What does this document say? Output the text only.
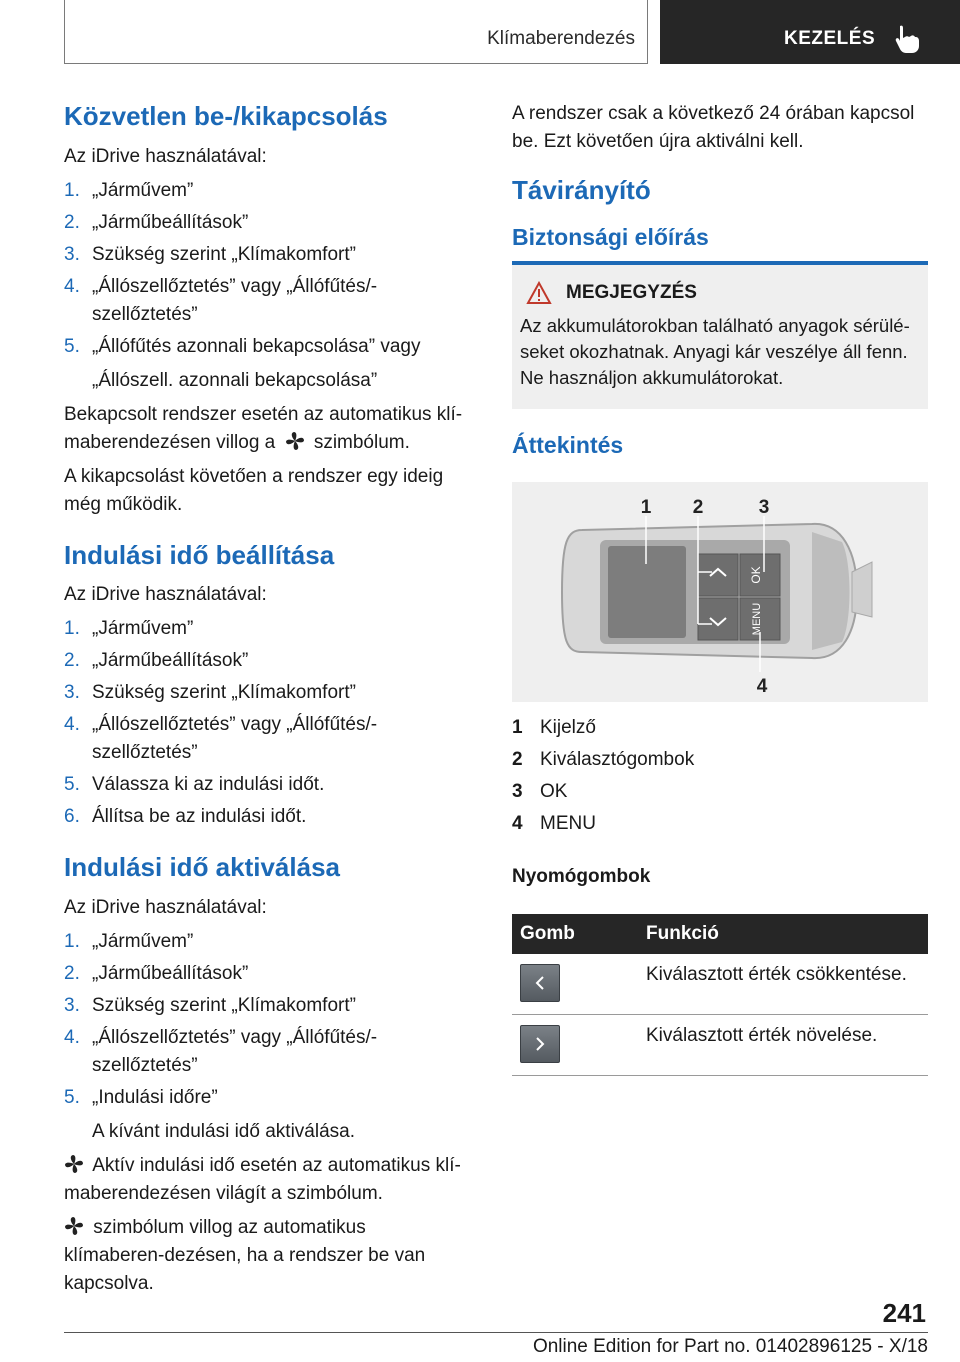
Klímaberendezés	KEZELÉS
Közvetlen be-/kikapcsolás

Az iDrive használatával:

1. „Járművem”
2. „Járműbeállítások”
3. Szükség szerint „Klímakomfort”
4. „Állószellőztetés” vagy „Állófűtés/-szellőztetés”
5. „Állófűtés azonnali bekapcsolása” vagy

„Állószell. azonnali bekapcsolása”

Bekapcsolt rendszer esetén az automatikus klí-maberendezésen villog a szimbólum.

A kikapcsolást követően a rendszer egy ideig még működik.

Indulási idő beállítása

Az iDrive használatával:

1. „Járművem”
2. „Járműbeállítások”
3. Szükség szerint „Klímakomfort”
4. „Állószellőztetés” vagy „Állófűtés/-szellőztetés”
5. Válassza ki az indulási időt.
6. Állítsa be az indulási időt.
Indulási idő aktiválása

Az iDrive használatával:

1. „Járművem”
2. „Járműbeállítások”
3. Szükség szerint „Klímakomfort”
4. „Állószellőztetés” vagy „Állófűtés/-szellőztetés”
5. „Indulási időre”

A kívánt indulási idő aktiválása.

Aktív indulási idő esetén az automatikus klí-maberendezésen világít a szimbólum.

szimbólum villog az automatikus klímaberen-dezésen, ha a rendszer be van kapcsolva.

A rendszer csak a következő 24 órában kapcsol be. Ezt követően újra aktiválni kell.

Távirányító
Biztonsági előírás
MEGJEGYZÉS

Az akkumulátorokban található anyagok sérülé-seket okozhatnak. Anyagi kár veszélye áll fenn. Ne használjon akkumulátorokat.

Áttekintés
OK
MENU
1 2	3
4
1 Kijelző
2 Kiválasztógombok
3 OK
4 MENU
Nyomógombok
Gomb	Funkció

	Kiválasztott érték csökkentése.

	Kiválasztott érték növelése.
241
Online Edition for Part no. 01402896125 - X/18
